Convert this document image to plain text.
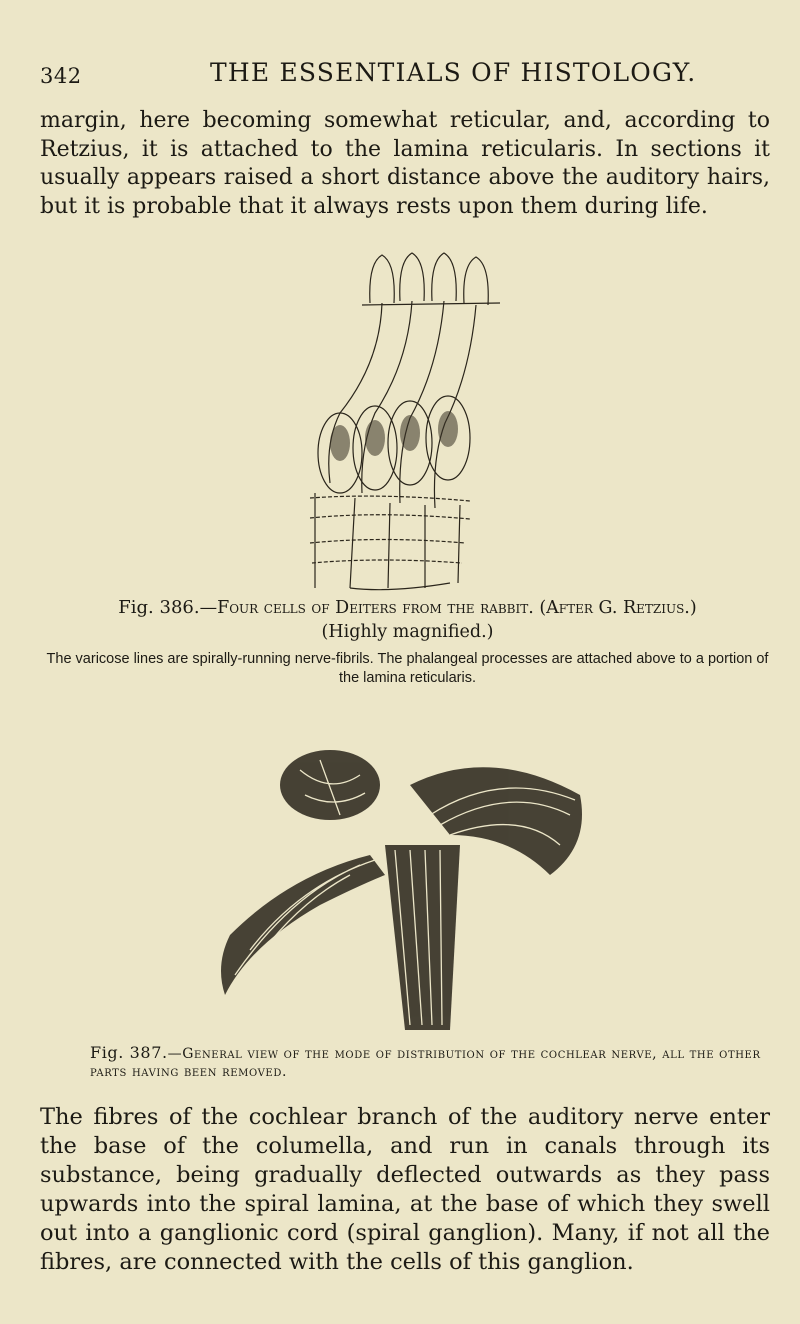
342	THE ESSENTIALS OF HISTOLOGY.
margin, here becoming somewhat reticular, and, according to Retzius, it is attached to the lamina reticularis. In sections it usually appears raised a short distance above the auditory hairs, but it is probable that it always rests upon them during life.
Fig. 386.—Four cells of Deiters from the rabbit. (After G. Retzius.)
(Highly magnified.)
The varicose lines are spirally-running nerve-fibrils. The phalangeal processes are attached above to a portion of the lamina reticularis.
Fig. 387.—General view of the mode of distribution of the cochlear nerve, all the other parts having been removed.
The fibres of the cochlear branch of the auditory nerve enter the base of the columella, and run in canals through its substance, being gradually deflected outwards as they pass upwards into the spiral lamina, at the base of which they swell out into a ganglionic cord (spiral ganglion). Many, if not all the fibres, are connected with the cells of this ganglion.
